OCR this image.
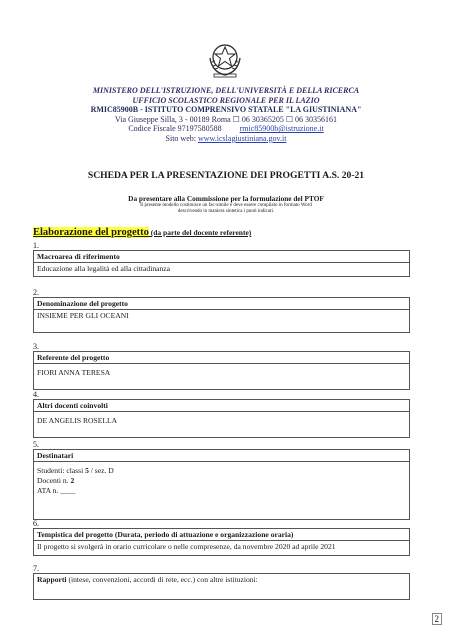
MINISTERO DELL'ISTRUZIONE, DELL'UNIVERSITÀ E DELLA RICERCA
UFFICIO SCOLASTICO REGIONALE PER IL LAZIO
RMIC85900B - ISTITUTO COMPRENSIVO STATALE "LA GIUSTINIANA"
Via Giuseppe Silla, 3 - 00189 Roma ☐ 06 30365205 ☐ 06 30356161
Codice Fiscale 97197580588 rmic85900b@istruzione.it
Sito web: www.icslagiustiniana.gov.it
SCHEDA PER LA PRESENTAZIONE DEI PROGETTI A.S. 20-21
Da presentare alla Commissione per la formulazione del PTOF
Il presente modello costituisce un fac-simile e deve essere compilato in formato Word
descrivendo in maniera sintetica i punti indicati.
Elaborazione del progetto (da parte del docente referente)
1.
Macroarea di riferimento
Educazione alla legalità ed alla cittadinanza
2.
Denominazione del progetto
INSIEME PER GLI OCEANI
3.
Referente del progetto
FIORI ANNA TERESA
4.
Altri docenti coinvolti
DE ANGELIS ROSELLA
5.
Destinatari
Studenti: classi 5 / sez. D
Docenti n. 2
ATA n. ____
6.
Tempistica del progetto (Durata, periodo di attuazione e organizzazione oraria)
Il progetto si svolgerà in orario curricolare o nelle compresenze, da novembre 2020 ad aprile 2021
7.
Rapporti (intese, convenzioni, accordi di rete, ecc.) con altre istituzioni:
2
